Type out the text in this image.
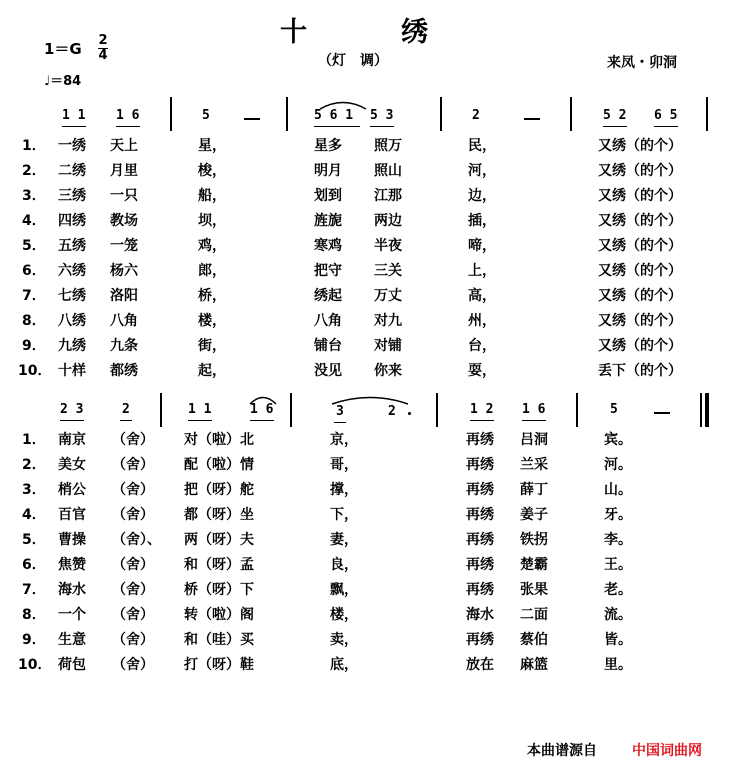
十	绣
（灯　调）	来凤・卯洞
1＝G 2
4
♩＝84
1 1 1 6	5	5 6 1 5 3	2	5 2 6 5
1． 一绣 天上	星，	星多 照万	民，	又绣（的个）
2． 二绣 月里	梭，	明月 照山	河，	又绣（的个）
3． 三绣 一只	船，	划到 江那	边，	又绣（的个）
4． 四绣 教场	坝，	旌旎 两边	插，	又绣（的个）
5． 五绣 一笼	鸡，	寒鸡 半夜	啼，	又绣（的个）
6． 六绣 杨六	郎，	把守 三关	上，	又绣（的个）
7． 七绣 洛阳	桥，	绣起 万丈	高，	又绣（的个）
8． 八绣 八角	楼，	八角 对九	州，	又绣（的个）
9． 九绣 九条	街，	铺台 对铺	台，	又绣（的个）
10． 十样 都绣	起，	没见 你来	耍，	丢下（的个）
2 3	2	1 1	1 6	3	2	1 2 1 6	5
1． 南京 （舍） 对（啦）北	京，	再绣 吕洞	宾。
2． 美女 （舍） 配（啦）情	哥，	再绣 兰采	河。
3． 梢公 （舍） 把（呀）舵	撑，	再绣 薛丁	山。
4． 百官 （舍） 都（呀）坐	下，	再绣 姜子	牙。
5． 曹操 （舍）、 两（呀）夫	妻，	再绣 铁拐	李。
6． 焦赞 （舍） 和（呀）孟	良，	再绣 楚霸	王。
7． 海水 （舍） 桥（呀）下	飘，	再绣 张果	老。
8． 一个 （舍） 转（啦）阁	楼，	海水 二面	流。
9． 生意 （舍） 和（哇）买	卖，	再绣 蔡伯	皆。
10． 荷包 （舍） 打（呀）鞋	底，	放在 麻篮	里。
本曲谱源自	中国词曲网
